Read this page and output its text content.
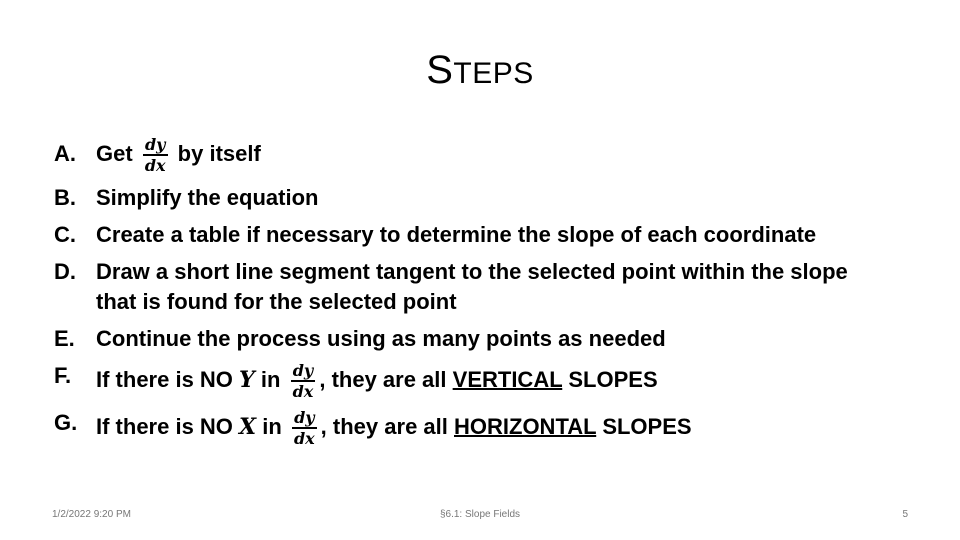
STEPS
A. Get $\frac{dy}{dx}$ by itself
B. Simplify the equation
C. Create a table if necessary to determine the slope of each coordinate
D. Draw a short line segment tangent to the selected point within the slope
that is found for the selected point
E. Continue the process using as many points as needed
F. If there is NO Y in $\frac{dy}{dx}$ , they are all VERTICAL SLOPES
G. If there is NO X in $\frac{dy}{dx}$ , they are all HORIZONTAL SLOPES
1/2/2022 9:20 PM	§6.1: Slope Fields	5
